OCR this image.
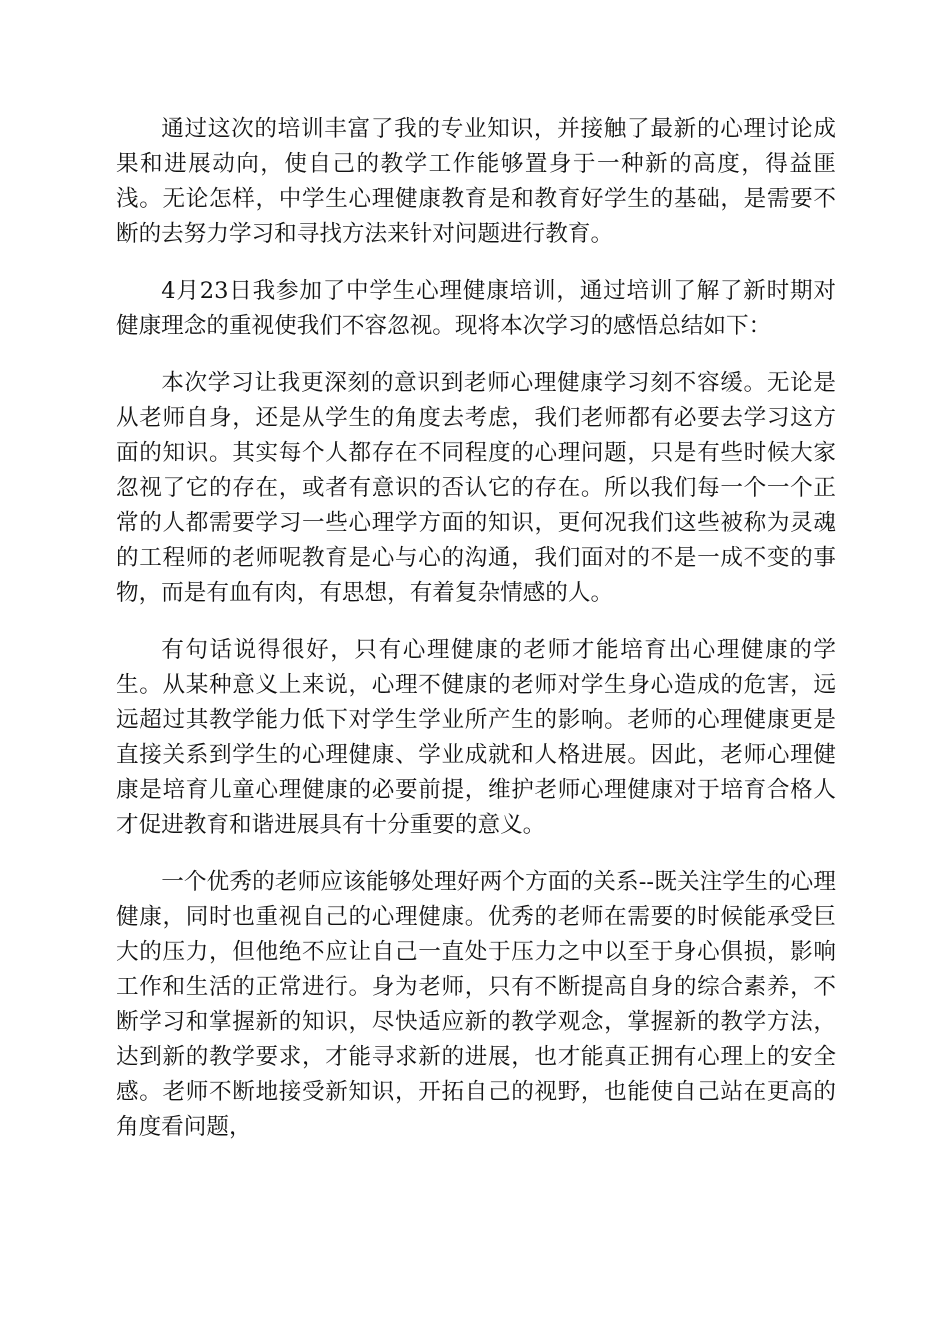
通过这次的培训丰富了我的专业知识，并接触了最新的心理讨论成果和进展动向，使自己的教学工作能够置身于一种新的高度，得益匪浅。无论怎样，中学生心理健康教育是和教育好学生的基础，是需要不断的去努力学习和寻找方法来针对问题进行教育。

4月23日我参加了中学生心理健康培训，通过培训了解了新时期对健康理念的重视使我们不容忽视。现将本次学习的感悟总结如下：

本次学习让我更深刻的意识到老师心理健康学习刻不容缓。无论是从老师自身，还是从学生的角度去考虑，我们老师都有必要去学习这方面的知识。其实每个人都存在不同程度的心理问题，只是有些时候大家忽视了它的存在，或者有意识的否认它的存在。所以我们每一个一个正常的人都需要学习一些心理学方面的知识，更何况我们这些被称为灵魂的工程师的老师呢教育是心与心的沟通，我们面对的不是一成不变的事物，而是有血有肉，有思想，有着复杂情感的人。

有句话说得很好，只有心理健康的老师才能培育出心理健康的学生。从某种意义上来说，心理不健康的老师对学生身心造成的危害，远远超过其教学能力低下对学生学业所产生的影响。老师的心理健康更是直接关系到学生的心理健康、学业成就和人格进展。因此，老师心理健康是培育儿童心理健康的必要前提，维护老师心理健康对于培育合格人才促进教育和谐进展具有十分重要的意义。

一个优秀的老师应该能够处理好两个方面的关系--既关注学生的心理健康，同时也重视自己的心理健康。优秀的老师在需要的时候能承受巨大的压力，但他绝不应让自己一直处于压力之中以至于身心俱损，影响工作和生活的正常进行。身为老师，只有不断提高自身的综合素养，不断学习和掌握新的知识，尽快适应新的教学观念，掌握新的教学方法，达到新的教学要求，才能寻求新的进展，也才能真正拥有心理上的安全感。老师不断地接受新知识，开拓自己的视野，也能使自己站在更高的角度看问题，
